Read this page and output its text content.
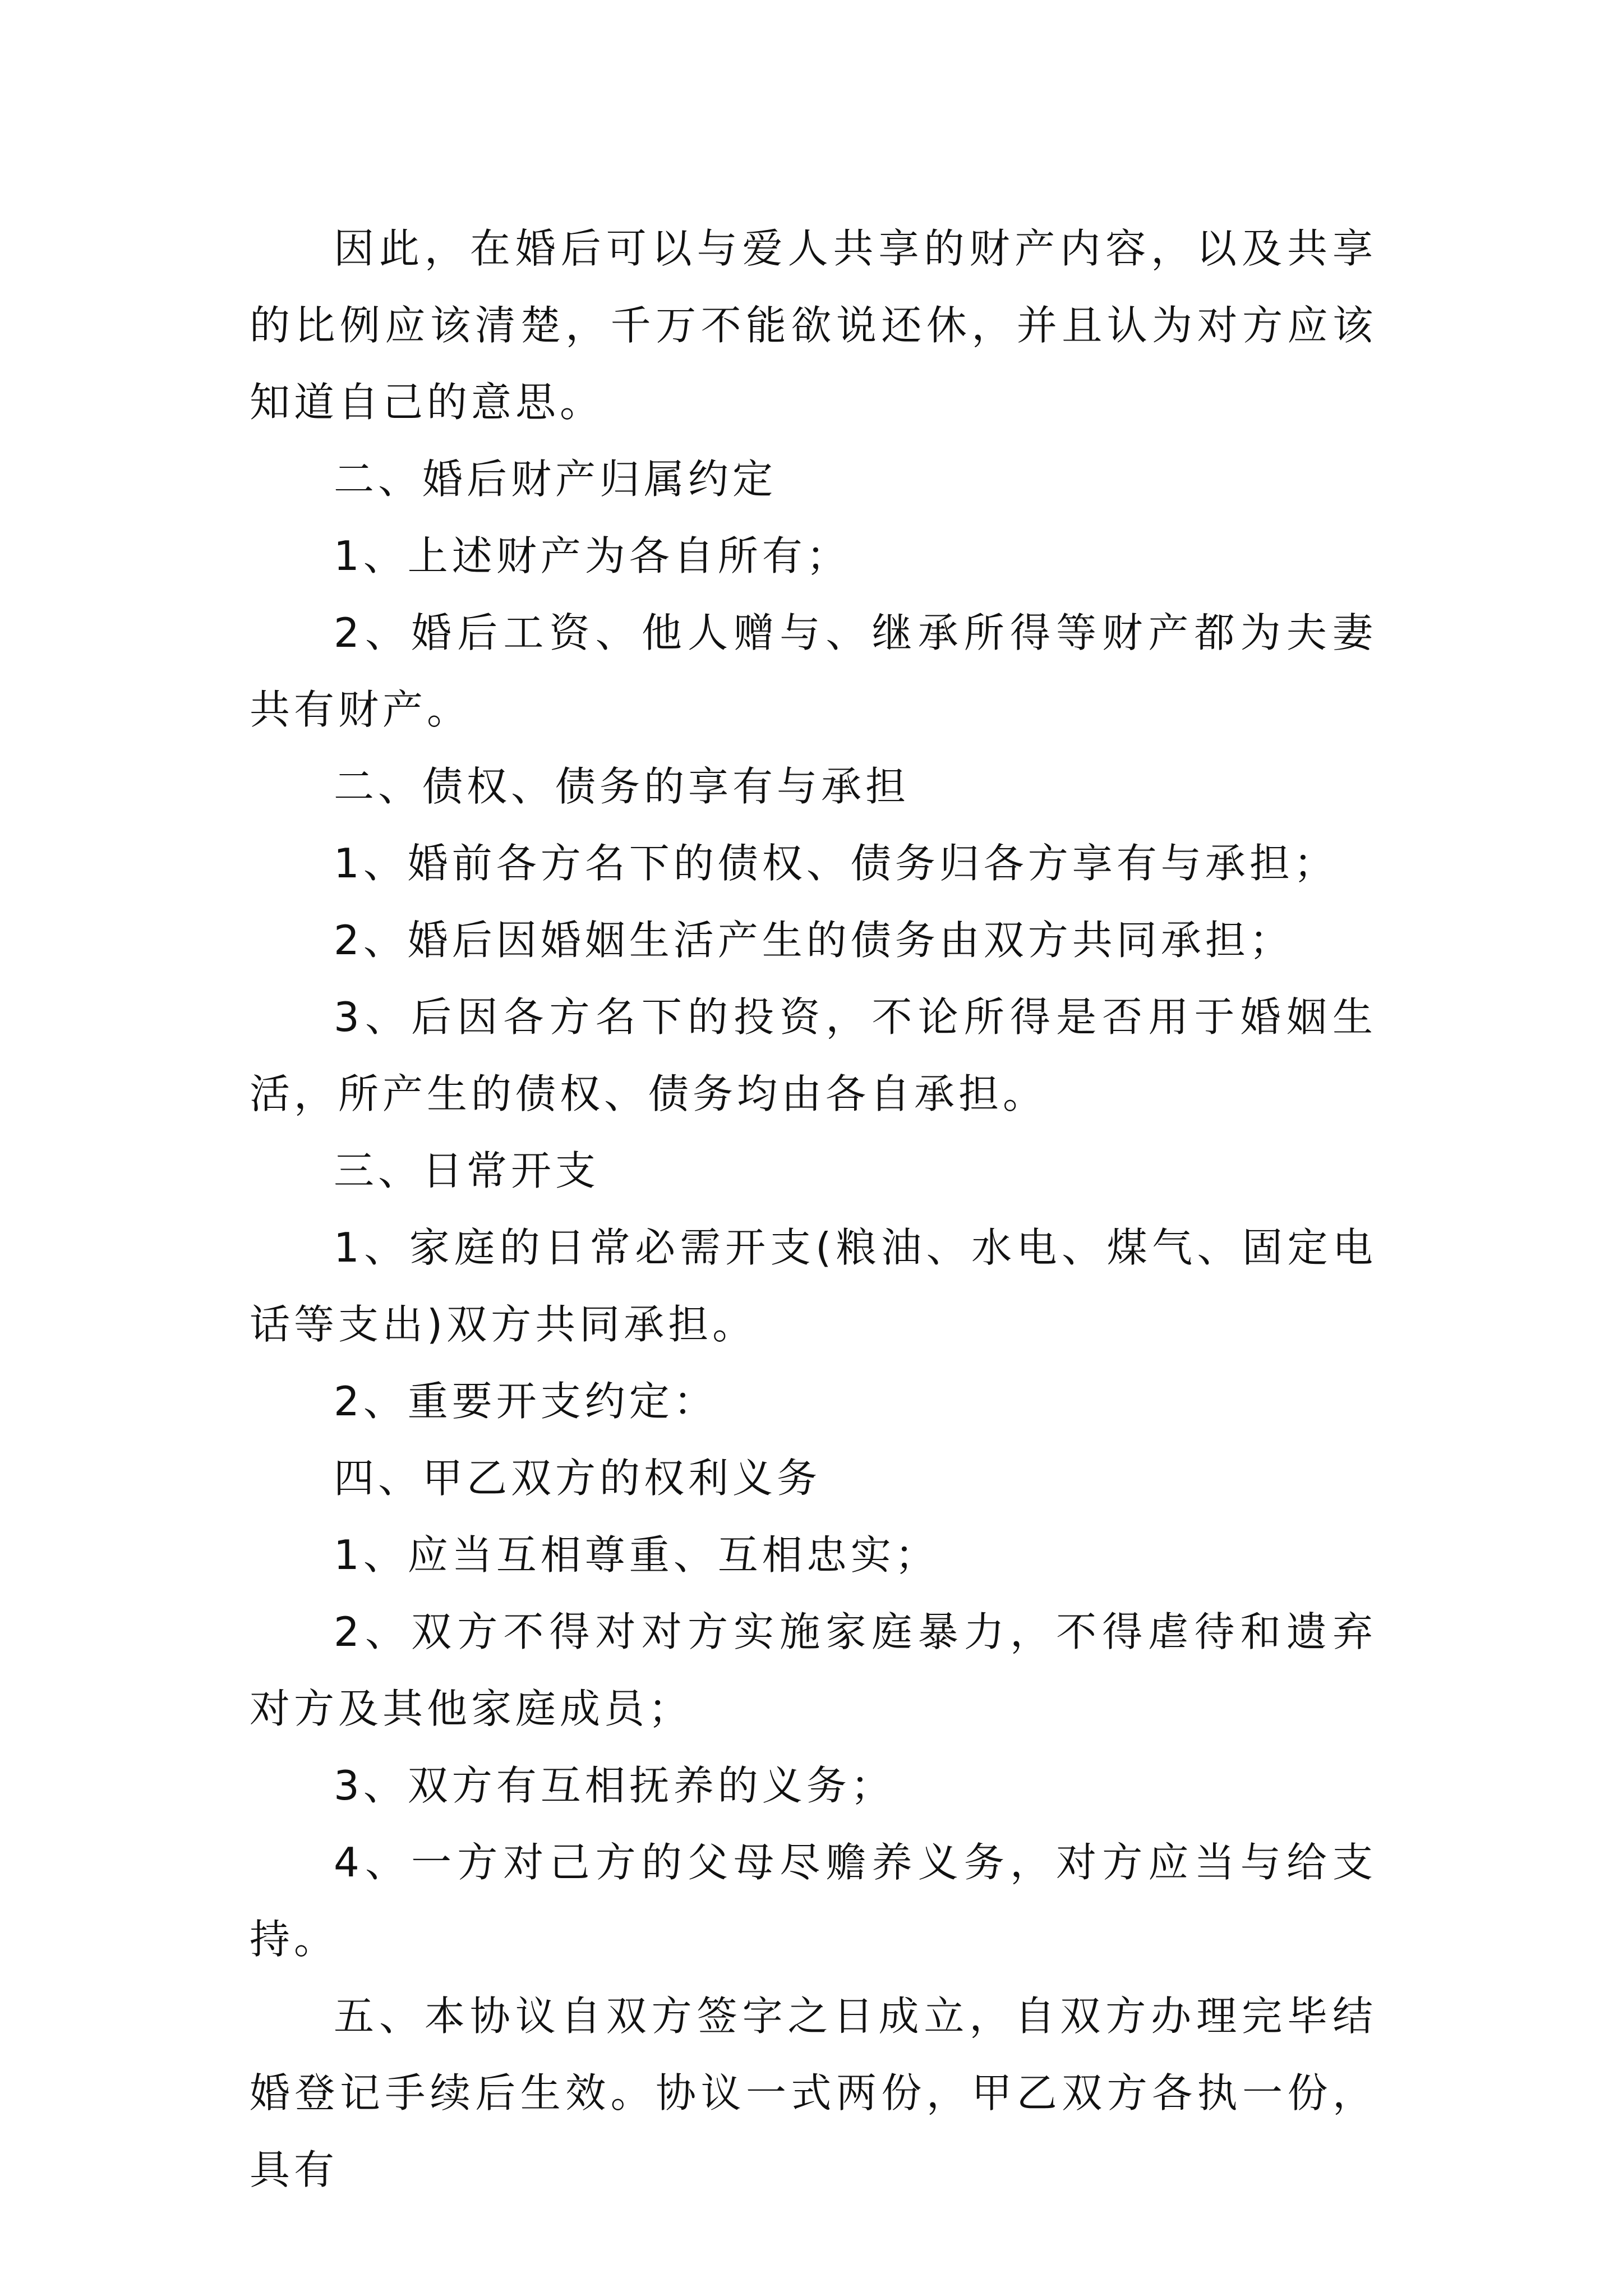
因此，在婚后可以与爱人共享的财产内容，以及共享的比例应该清楚，千万不能欲说还休，并且认为对方应该知道自己的意思。

二、婚后财产归属约定

1、上述财产为各自所有；

2、婚后工资、他人赠与、继承所得等财产都为夫妻共有财产。

二、债权、债务的享有与承担

1、婚前各方名下的债权、债务归各方享有与承担；

2、婚后因婚姻生活产生的债务由双方共同承担；

3、后因各方名下的投资，不论所得是否用于婚姻生活，所产生的债权、债务均由各自承担。

三、日常开支

1、家庭的日常必需开支(粮油、水电、煤气、固定电话等支出)双方共同承担。

2、重要开支约定：

四、甲乙双方的权利义务

1、应当互相尊重、互相忠实；

2、双方不得对对方实施家庭暴力，不得虐待和遗弃对方及其他家庭成员；

3、双方有互相抚养的义务；

4、一方对己方的父母尽赡养义务，对方应当与给支持。

五、本协议自双方签字之日成立，自双方办理完毕结婚登记手续后生效。协议一式两份，甲乙双方各执一份，具有
